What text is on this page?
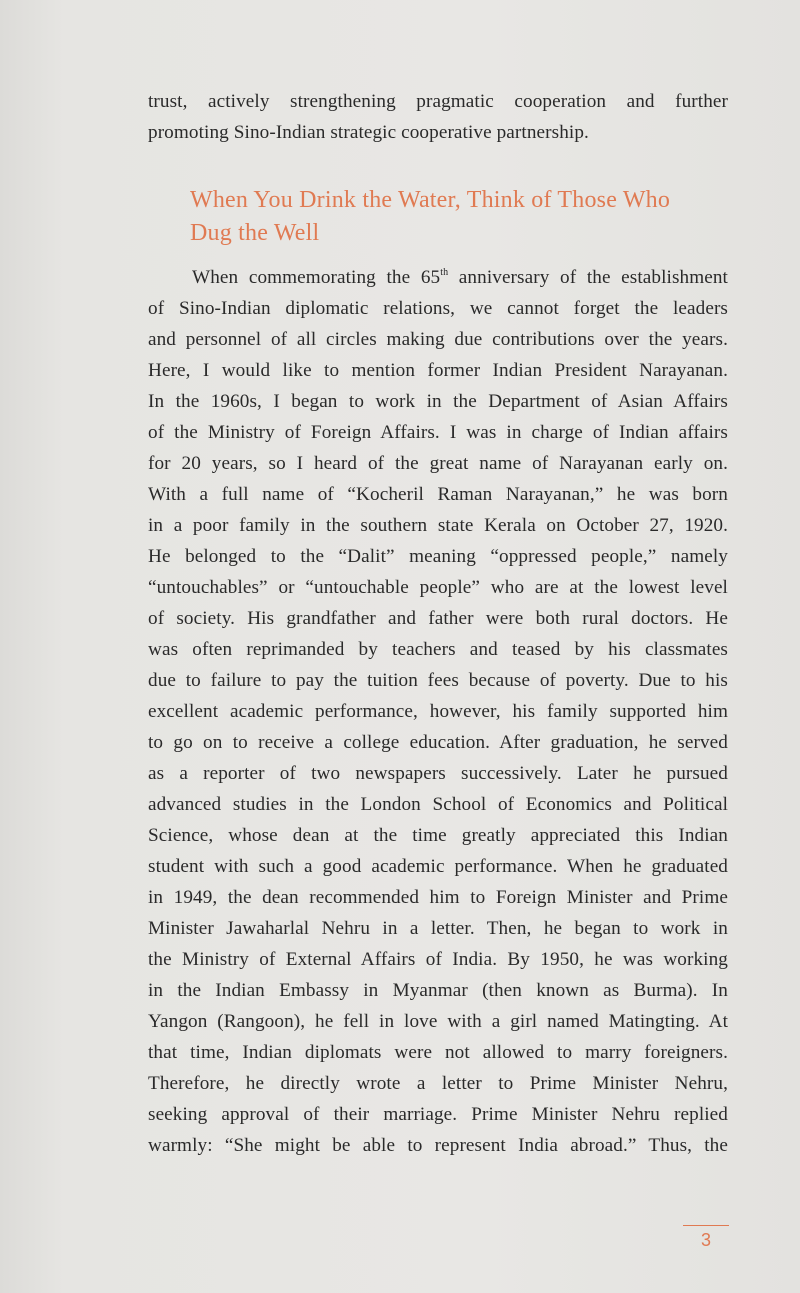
trust, actively strengthening pragmatic cooperation and further
promoting Sino-Indian strategic cooperative partnership.
When You Drink the Water, Think of Those Who
Dug the Well
When commemorating the 65th anniversary of the establishment
of Sino-Indian diplomatic relations, we cannot forget the leaders
and personnel of all circles making due contributions over the years.
Here, I would like to mention former Indian President Narayanan.
In the 1960s, I began to work in the Department of Asian Affairs
of the Ministry of Foreign Affairs. I was in charge of Indian affairs
for 20 years, so I heard of the great name of Narayanan early on.
With a full name of “Kocheril Raman Narayanan,” he was born
in a poor family in the southern state Kerala on October 27, 1920.
He belonged to the “Dalit” meaning “oppressed people,” namely
“untouchables” or “untouchable people” who are at the lowest level
of society. His grandfather and father were both rural doctors. He
was often reprimanded by teachers and teased by his classmates
due to failure to pay the tuition fees because of poverty. Due to his
excellent academic performance, however, his family supported him
to go on to receive a college education. After graduation, he served
as a reporter of two newspapers successively. Later he pursued
advanced studies in the London School of Economics and Political
Science, whose dean at the time greatly appreciated this Indian
student with such a good academic performance. When he graduated
in 1949, the dean recommended him to Foreign Minister and Prime
Minister Jawaharlal Nehru in a letter. Then, he began to work in
the Ministry of External Affairs of India. By 1950, he was working
in the Indian Embassy in Myanmar (then known as Burma). In
Yangon (Rangoon), he fell in love with a girl named Matingting. At
that time, Indian diplomats were not allowed to marry foreigners.
Therefore, he directly wrote a letter to Prime Minister Nehru,
seeking approval of their marriage. Prime Minister Nehru replied
warmly: “She might be able to represent India abroad.” Thus, the
3
